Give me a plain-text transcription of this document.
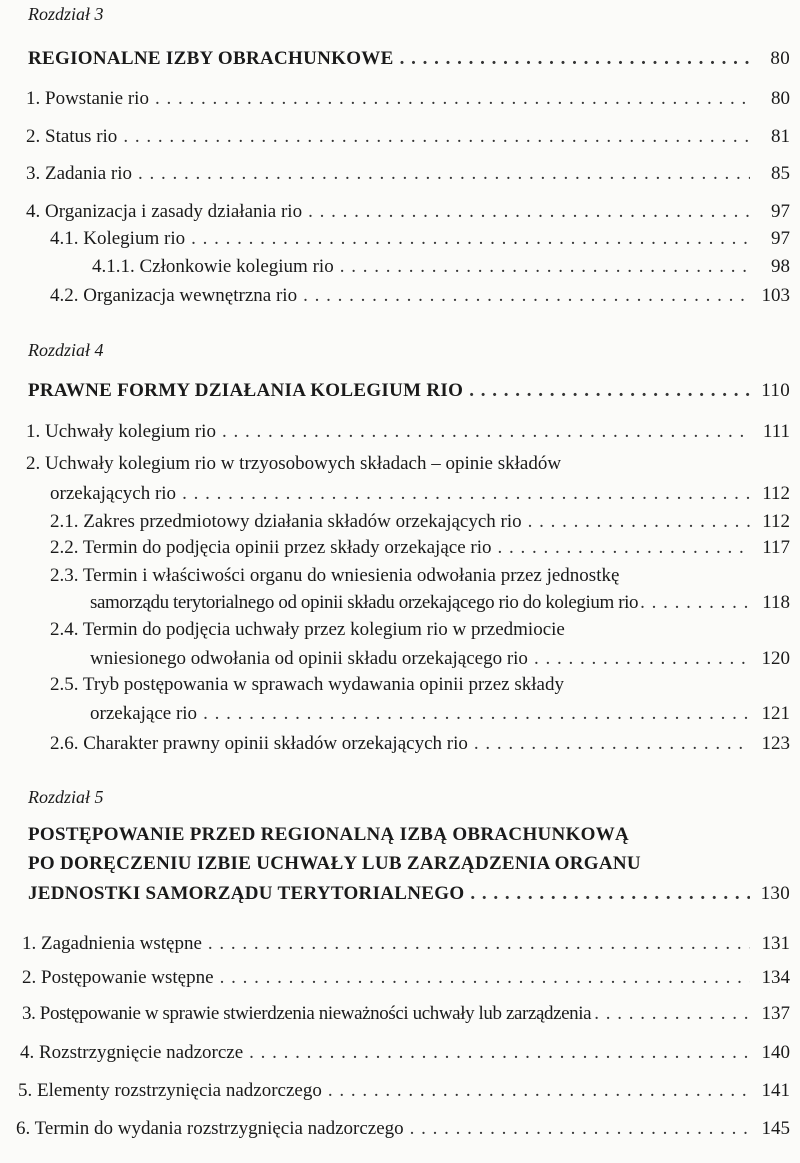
Rozdział 3
REGIONALNE IZBY OBRACHUNKOWE . . .	80
1. Powstanie rio . . .	80
2. Status rio . . .	81
3. Zadania rio . . .	85
4. Organizacja i zasady działania rio . . .	97
4.1. Kolegium rio . . .	97
4.1.1. Członkowie kolegium rio . . .	98
4.2. Organizacja wewnętrzna rio . . .	103
Rozdział 4
PRAWNE FORMY DZIAŁANIA KOLEGIUM RIO . . .	110
1. Uchwały kolegium rio . . .	111
2. Uchwały kolegium rio w trzyosobowych składach – opinie składów
orzekających rio . . .	112
2.1. Zakres przedmiotowy działania składów orzekających rio . . .	112
2.2. Termin do podjęcia opinii przez składy orzekające rio . . .	117
2.3. Termin i właściwości organu do wniesienia odwołania przez jednostkę
samorządu terytorialnego od opinii składu orzekającego rio do kolegium rio . . .	118
2.4. Termin do podjęcia uchwały przez kolegium rio w przedmiocie
wniesionego odwołania od opinii składu orzekającego rio . . .	120
2.5. Tryb postępowania w sprawach wydawania opinii przez składy
orzekające rio . . .	121
2.6. Charakter prawny opinii składów orzekających rio . . .	123
Rozdział 5
POSTĘPOWANIE PRZED REGIONALNĄ IZBĄ OBRACHUNKOWĄ
PO DORĘCZENIU IZBIE UCHWAŁY LUB ZARZĄDZENIA ORGANU
JEDNOSTKI SAMORZĄDU TERYTORIALNEGO . . .	130
1. Zagadnienia wstępne . . .	131
2. Postępowanie wstępne . . .	134
3. Postępowanie w sprawie stwierdzenia nieważności uchwały lub zarządzenia . . .	137
4. Rozstrzygnięcie nadzorcze . . .	140
5. Elementy rozstrzynięcia nadzorczego . . .	141
6. Termin do wydania rozstrzygnięcia nadzorczego . . .	145
